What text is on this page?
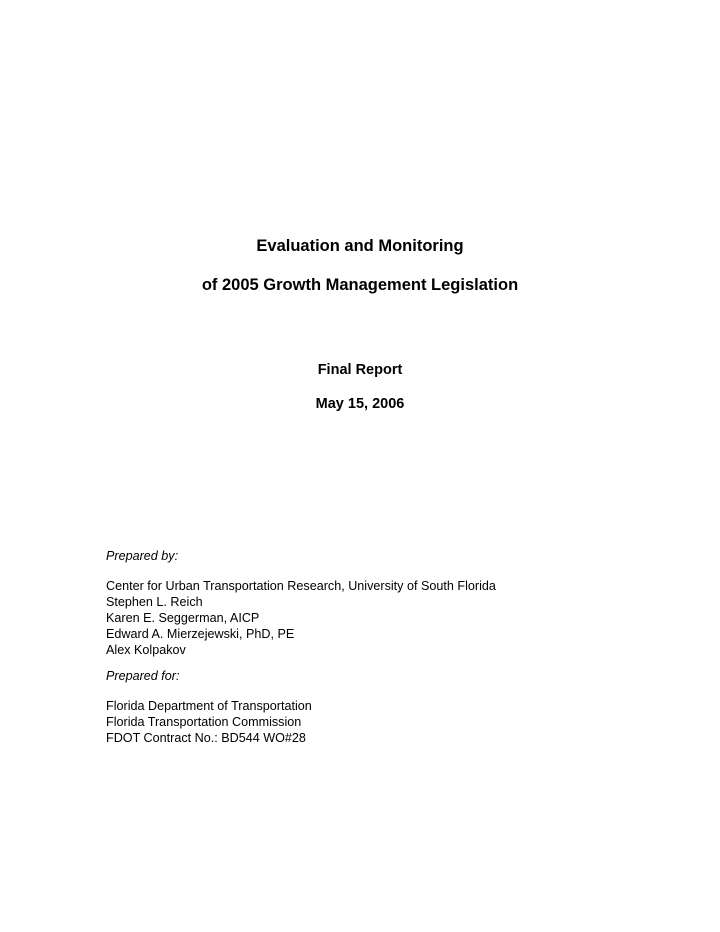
Evaluation and Monitoring
of 2005 Growth Management Legislation
Final Report
May 15, 2006
Prepared by:
Center for Urban Transportation Research, University of South Florida
Stephen L. Reich
Karen E. Seggerman, AICP
Edward A. Mierzejewski, PhD, PE
Alex Kolpakov
Prepared for:
Florida Department of Transportation
Florida Transportation Commission
FDOT Contract No.: BD544 WO#28
